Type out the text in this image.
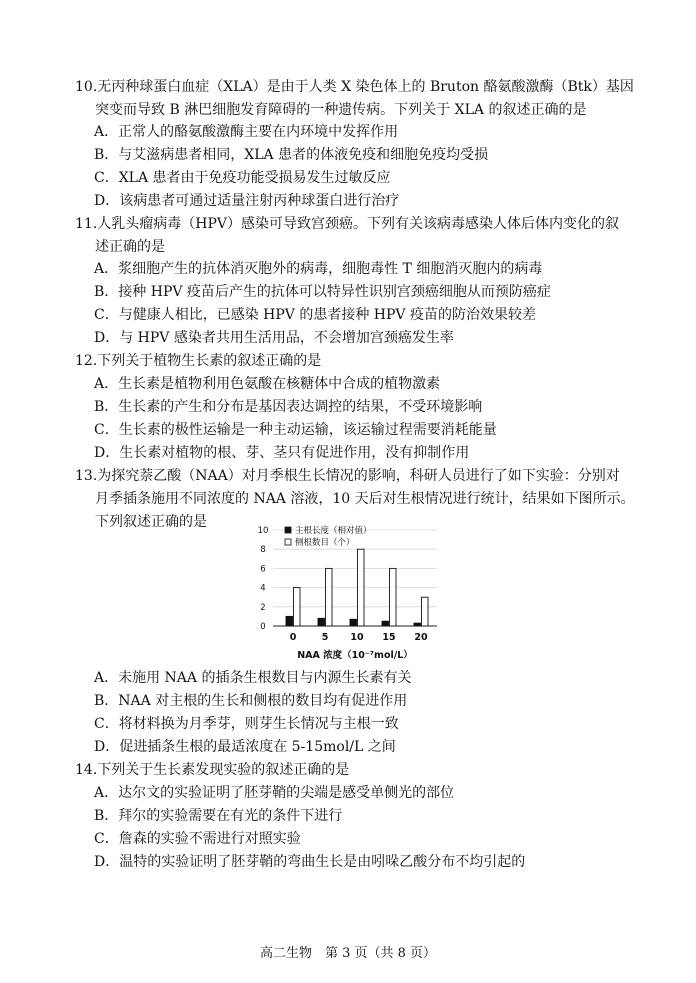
10.无丙种球蛋白血症（XLA）是由于人类 X 染色体上的 Bruton 酪氨酸激酶（Btk）基因
突变而导致 B 淋巴细胞发育障碍的一种遗传病。下列关于 XLA 的叙述正确的是
A．正常人的酪氨酸激酶主要在内环境中发挥作用
B．与艾滋病患者相同，XLA 患者的体液免疫和细胞免疫均受损
C．XLA 患者由于免疫功能受损易发生过敏反应
D．该病患者可通过适量注射丙种球蛋白进行治疗
11.人乳头瘤病毒（HPV）感染可导致宫颈癌。下列有关该病毒感染人体后体内变化的叙
述正确的是
A．浆细胞产生的抗体消灭胞外的病毒，细胞毒性 T 细胞消灭胞内的病毒
B．接种 HPV 疫苗后产生的抗体可以特异性识别宫颈癌细胞从而预防癌症
C．与健康人相比，已感染 HPV 的患者接种 HPV 疫苗的防治效果较差
D．与 HPV 感染者共用生活用品，不会增加宫颈癌发生率
12.下列关于植物生长素的叙述正确的是
A．生长素是植物利用色氨酸在核糖体中合成的植物激素
B．生长素的产生和分布是基因表达调控的结果，不受环境影响
C．生长素的极性运输是一种主动运输，该运输过程需要消耗能量
D．生长素对植物的根、芽、茎只有促进作用，没有抑制作用
13.为探究萘乙酸（NAA）对月季根生长情况的影响，科研人员进行了如下实验：分别对
月季插条施用不同浓度的 NAA 溶液，10 天后对生根情况进行统计，结果如下图所示。
下列叙述正确的是
0
2
4
6
8
10
0	5 10 15 20
主根长度（相对值）
侧根数目（个）
NAA 浓度（10⁻⁷mol/L）
A．未施用 NAA 的插条生根数目与内源生长素有关
B．NAA 对主根的生长和侧根的数目均有促进作用
C．将材料换为月季芽，则芽生长情况与主根一致
D．促进插条生根的最适浓度在 5-15mol/L 之间
14.下列关于生长素发现实验的叙述正确的是
A．达尔文的实验证明了胚芽鞘的尖端是感受单侧光的部位
B．拜尔的实验需要在有光的条件下进行
C．詹森的实验不需进行对照实验
D．温特的实验证明了胚芽鞘的弯曲生长是由吲哚乙酸分布不均引起的
高二生物　第 3 页（共 8 页）
